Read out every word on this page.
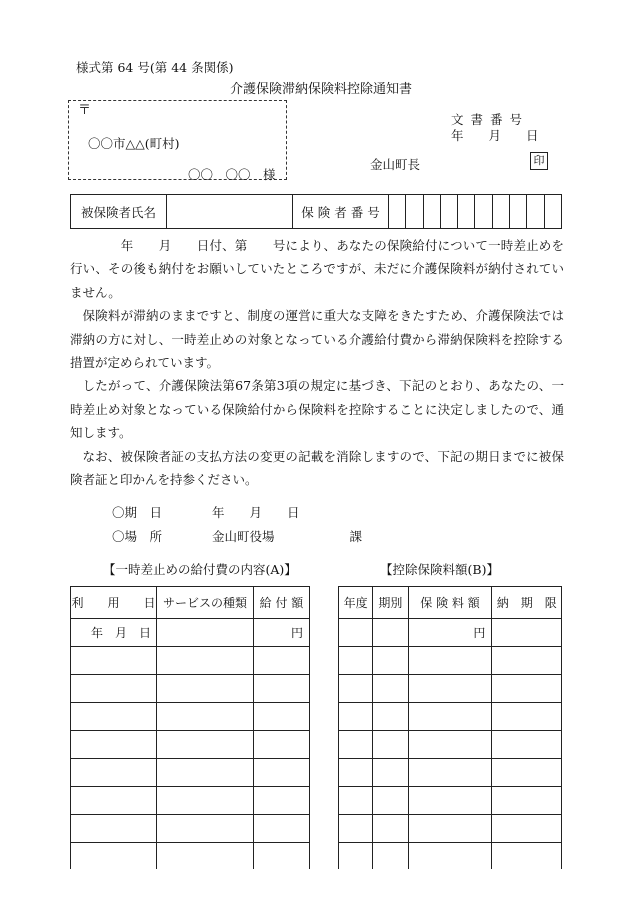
様式第 64 号(第 44 条関係)
介護保険滞納保険料控除通知書
〒
〇〇市△△(町村)
〇〇　〇〇　様
文書番号
年　　月　　日
金山町長	印
被保険者氏名		保 険 者 番 号										

　　　　年　　月　　日付、第　　号により、あなたの保険給付について一時差止めを行い、その後も納付をお願いしていたところですが、未だに介護保険料が納付されていません。

保険料が滞納のままですと、制度の運営に重大な支障をきたすため、介護保険法では滞納の方に対し、一時差止めの対象となっている介護給付費から滞納保険料を控除する措置が定められています。

したがって、介護保険法第67条第3項の規定に基づき、下記のとおり、あなたの、一時差止め対象となっている保険給付から保険料を控除することに決定しましたので、通知します。

なお、被保険者証の支払方法の変更の記載を消除しますので、下記の期日までに被保険者証と印かんを持参ください。

〇期　日　　　　年　　月　　日
〇場　所　　　　金山町役場　　　　　　課
【一時差止めの給付費の内容(A)】	【控除保険料額(B)】
利　　用　　日	サービスの種類	給 付 額
年　月　日		円

年度	期別	保 険 料 額	納　期　限
		円	
